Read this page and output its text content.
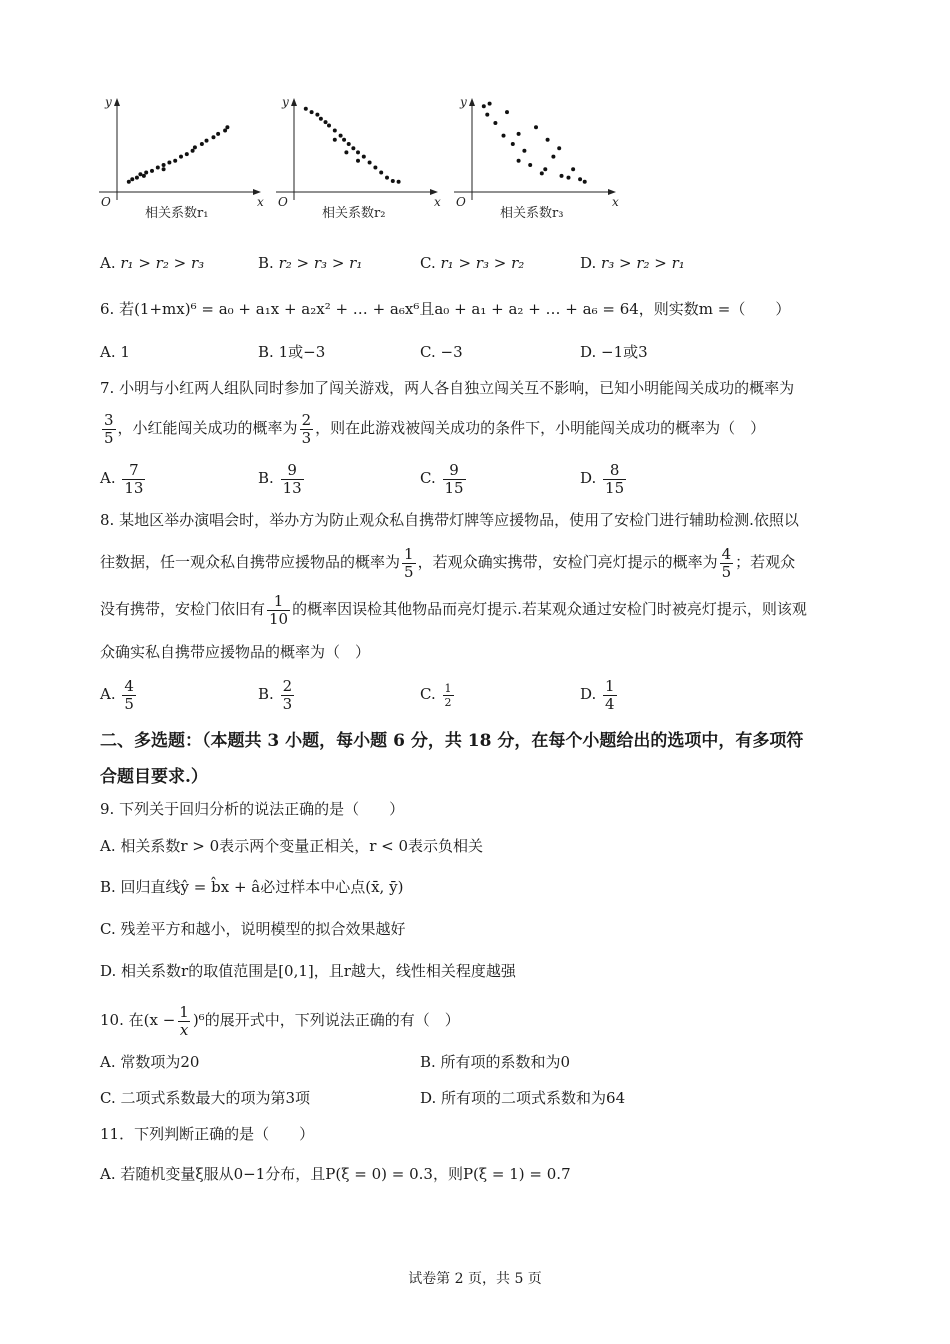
y
x
O
相关系数r₁
y
x
O
相关系数r₂
y
x
O
相关系数r₃
A. r₁ > r₂ > r₃	B. r₂ > r₃ > r₁	C. r₁ > r₃ > r₂	D. r₃ > r₂ > r₁
6. 若(1+mx)⁶ = a₀ + a₁x + a₂x² + … + a₆x⁶且a₀ + a₁ + a₂ + … + a₆ = 64，则实数m =（　　）
A. 1	B. 1或−3	C. −3	D. −1或3
7. 小明与小红两人组队同时参加了闯关游戏，两人各自独立闯关互不影响，已知小明能闯关成功的概率为
$\frac{3}{5}$ ，小红能闯关成功的概率为 $\frac{2}{3}$ ，则在此游戏被闯关成功的条件下，小明能闯关成功的概率为（　）
A. $\frac{7}{13}$	B. $\frac{9}{13}$	C. $\frac{9}{15}$	D. $\frac{8}{15}$
8. 某地区举办演唱会时，举办方为防止观众私自携带灯牌等应援物品，使用了安检门进行辅助检测.依照以
往数据，任一观众私自携带应援物品的概率为 $\frac{1}{5}$ ，若观众确实携带，安检门亮灯提示的概率为 $\frac{4}{5}$ ；若观众
没有携带，安检门依旧有 $\frac{1}{10}$ 的概率因误检其他物品而亮灯提示.若某观众通过安检门时被亮灯提示，则该观
众确实私自携带应援物品的概率为（　）
A. $\frac{4}{5}$	B. $\frac{2}{3}$	C. $\frac{1}{2}$	D. $\frac{1}{4}$
二、多选题：（本题共 3 小题，每小题 6 分，共 18 分，在每个小题给出的选项中，有多项符
合题目要求.）
9. 下列关于回归分析的说法正确的是（　　）
A. 相关系数r > 0表示两个变量正相关，r < 0表示负相关
B. 回归直线ŷ = b̂x + â必过样本中心点(x̄, ȳ)
C. 残差平方和越小，说明模型的拟合效果越好
D. 相关系数r的取值范围是[0,1]，且r越大，线性相关程度越强
10. 在$(x - \frac{1}{x} )^6$的展开式中，下列说法正确的有（　）
A. 常数项为20	B. 所有项的系数和为0
C. 二项式系数最大的项为第3项	D. 所有项的二项式系数和为64
11．下列判断正确的是（　　）
A. 若随机变量ξ服从0−1分布，且P(ξ = 0) = 0.3，则P(ξ = 1) = 0.7
试卷第 2 页，共 5 页
